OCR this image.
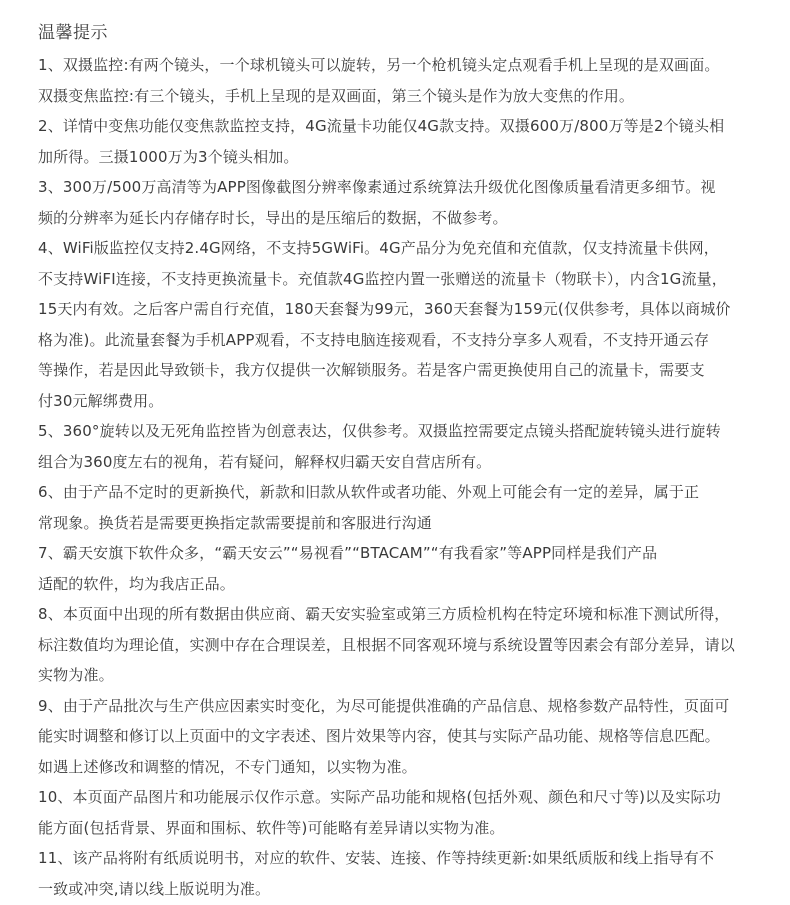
温馨提示
1、双摄监控:有两个镜头，一个球机镜头可以旋转，另一个枪机镜头定点观看手机上呈现的是双画面。
双摄变焦监控:有三个镜头，手机上呈现的是双画面，第三个镜头是作为放大变焦的作用。
2、详情中变焦功能仅变焦款监控支持，4G流量卡功能仅4G款支持。双摄600万/800万等是2个镜头相
加所得。三摄1000万为3个镜头相加。
3、300万/500万高清等为APP图像截图分辨率像素通过系统算法升级优化图像质量看清更多细节。视
频的分辨率为延长内存储存时长，导出的是压缩后的数据，不做参考。
4、WiFi版监控仅支持2.4G网络，不支持5GWiFi。4G产品分为免充值和充值款，仅支持流量卡供网，
不支持WiFI连接，不支持更换流量卡。充值款4G监控内置一张赠送的流量卡（物联卡），内含1G流量，
15天内有效。之后客户需自行充值，180天套餐为99元，360天套餐为159元(仅供参考，具体以商城价
格为准)。此流量套餐为手机APP观看，不支持电脑连接观看，不支持分享多人观看，不支持开通云存
等操作，若是因此导致锁卡，我方仅提供一次解锁服务。若是客户需更换使用自己的流量卡，需要支
付30元解绑费用。
5、360°旋转以及无死角监控皆为创意表达，仅供参考。双摄监控需要定点镜头搭配旋转镜头进行旋转
组合为360度左右的视角，若有疑问，解释权归霸天安自营店所有。
6、由于产品不定时的更新换代，新款和旧款从软件或者功能、外观上可能会有一定的差异，属于正
常现象。换货若是需要更换指定款需要提前和客服进行沟通
7、霸天安旗下软件众多，“霸天安云”“易视看”“BTACAM”“有我看家”等APP同样是我们产品
适配的软件，均为我店正品。
8、本页面中出现的所有数据由供应商、霸天安实验室或第三方质检机构在特定环境和标准下测试所得，
标注数值均为理论值，实测中存在合理误差，且根据不同客观环境与系统设置等因素会有部分差异，请以
实物为准。
9、由于产品批次与生产供应因素实时变化，为尽可能提供准确的产品信息、规格参数产品特性，页面可
能实时调整和修订以上页面中的文字表述、图片效果等内容，使其与实际产品功能、规格等信息匹配。
如遇上述修改和调整的情况，不专门通知，以实物为准。
10、本页面产品图片和功能展示仅作示意。实际产品功能和规格(包括外观、颜色和尺寸等)以及实际功
能方面(包括背景、界面和围标、软件等)可能略有差异请以实物为准。
11、该产品将附有纸质说明书，对应的软件、安装、连接、作等持续更新:如果纸质版和线上指导有不
一致或冲突,请以线上版说明为准。
